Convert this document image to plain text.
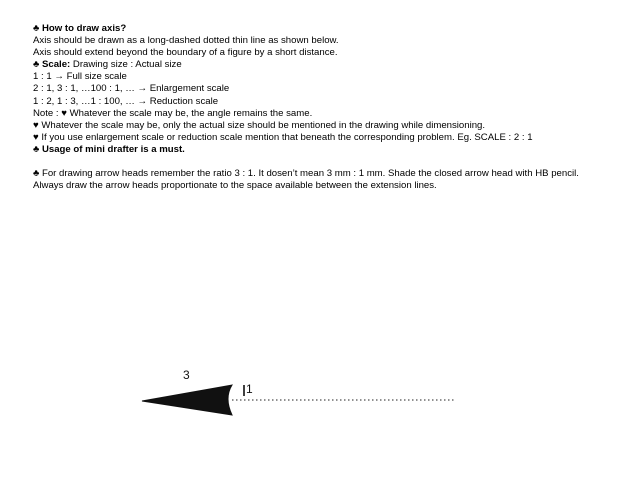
♣ How to draw axis?

Axis should be drawn as a long-dashed dotted thin line as shown below.

Axis should extend beyond the boundary of a figure by a short distance.

♣ Scale: Drawing size : Actual size

1 : 1 → Full size scale

2 : 1, 3 : 1, …100 : 1, … → Enlargement scale

1 : 2, 1 : 3, …1 : 100, … → Reduction scale

Note : ♥ Whatever the scale may be, the angle remains the same.

♥ Whatever the scale may be, only the actual size should be mentioned in the drawing while dimensioning.

♥ If you use enlargement scale or reduction scale mention that beneath the corresponding problem. Eg. SCALE : 2 : 1

♣ Usage of mini drafter is a must.

♣ For drawing arrow heads remember the ratio 3 : 1. It dosen’t mean 3 mm : 1 mm. Shade the closed arrow head with HB pencil. Always draw the arrow heads proportionate to the space available between the extension lines.

3
1
